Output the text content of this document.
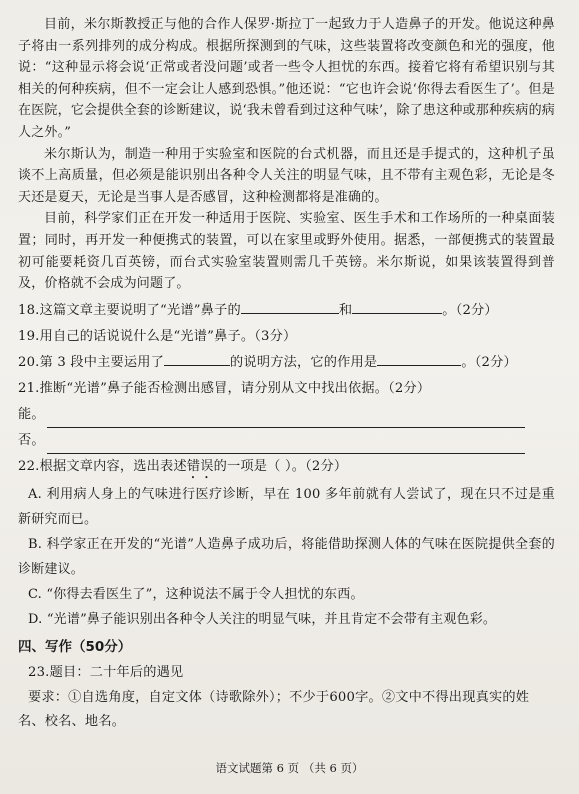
目前，米尔斯教授正与他的合作人保罗·斯拉丁一起致力于人造鼻子的开发。他说这种鼻子将由一系列排列的成分构成。根据所探测到的气味，这些装置将改变颜色和光的强度，他说：“这种显示将会说‘正常或者没问题’或者一些令人担忧的东西。接着它将有希望识别与其相关的何种疾病，但不一定会让人感到恐惧。”他还说：“它也许会说‘你得去看医生了’。但是在医院，它会提供全套的诊断建议，说‘我未曾看到过这种气味’，除了患这种或那种疾病的病人之外。”

米尔斯认为，制造一种用于实验室和医院的台式机器，而且还是手提式的，这种机子虽谈不上高质量，但必须是能识别出各种令人关注的明显气味，且不带有主观色彩，无论是冬天还是夏天，无论是当事人是否感冒，这种检测都将是准确的。

目前，科学家们正在开发一种适用于医院、实验室、医生手术和工作场所的一种桌面装置；同时，再开发一种便携式的装置，可以在家里或野外使用。据悉，一部便携式的装置最初可能要耗资几百英镑，而台式实验室装置则需几千英镑。米尔斯说，如果该装置得到普及，价格就不会成为问题了。

18.这篇文章主要说明了“光谱”鼻子的	和	。（2分）

19.用自己的话说说什么是“光谱”鼻子。（3分）

20.第 3 段中主要运用了	的说明方法，它的作用是	。（2分）

21.推断“光谱”鼻子能否检测出感冒，请分别从文中找出依据。（2分）

能。
否。

22.根据文章内容，选出表述错误的一项是（ ）。（2分）

A. 利用病人身上的气味进行医疗诊断，早在 100 多年前就有人尝试了，现在只不过是重新研究而已。

B. 科学家正在开发的“光谱”人造鼻子成功后，将能借助探测人体的气味在医院提供全套的诊断建议。

C. “你得去看医生了”，这种说法不属于令人担忧的东西。

D. “光谱”鼻子能识别出各种令人关注的明显气味，并且肯定不会带有主观色彩。

四、写作（50分）

23.题目：二十年后的遇见

要求：①自选角度，自定文体（诗歌除外）；不少于600字。②文中不得出现真实的姓名、校名、地名。

语文试题第 6 页 （共 6 页）
